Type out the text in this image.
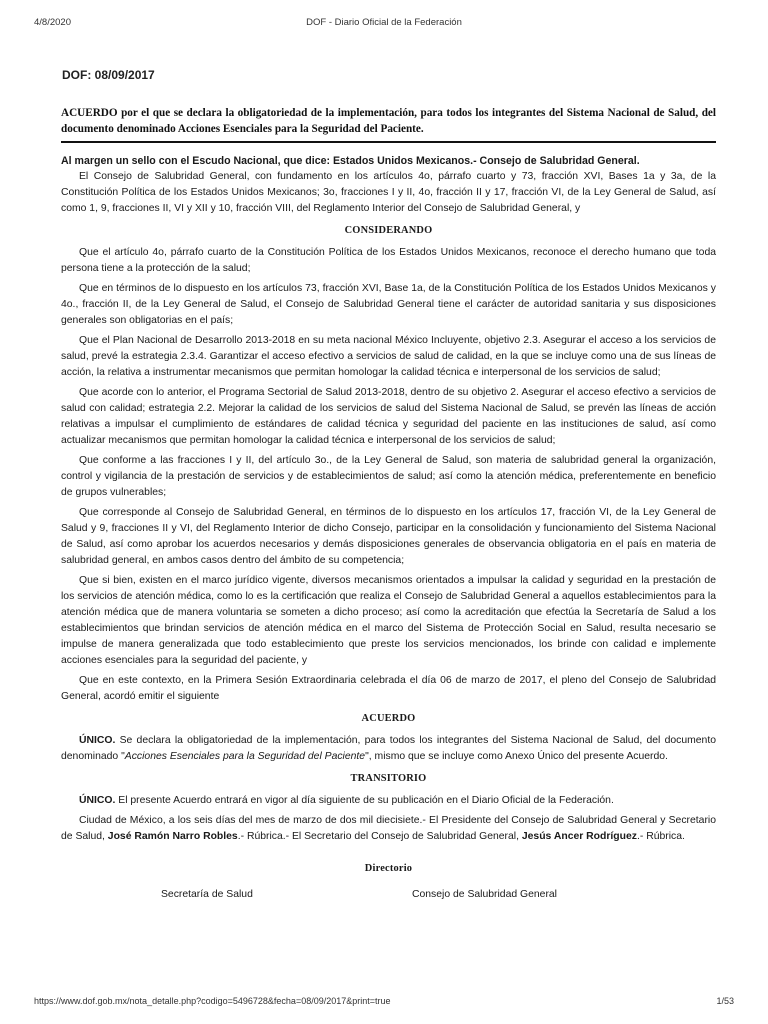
4/8/2020	DOF - Diario Oficial de la Federación
DOF: 08/09/2017
ACUERDO por el que se declara la obligatoriedad de la implementación, para todos los integrantes del Sistema Nacional de Salud, del documento denominado Acciones Esenciales para la Seguridad del Paciente.
Al margen un sello con el Escudo Nacional, que dice: Estados Unidos Mexicanos.- Consejo de Salubridad General.

El Consejo de Salubridad General, con fundamento en los artículos 4o, párrafo cuarto y 73, fracción XVI, Bases 1a y 3a, de la Constitución Política de los Estados Unidos Mexicanos; 3o, fracciones I y II, 4o, fracción II y 17, fracción VI, de la Ley General de Salud, así como 1, 9, fracciones II, VI y XII y 10, fracción VIII, del Reglamento Interior del Consejo de Salubridad General, y

CONSIDERANDO

Que el artículo 4o, párrafo cuarto de la Constitución Política de los Estados Unidos Mexicanos, reconoce el derecho humano que toda persona tiene a la protección de la salud;

Que en términos de lo dispuesto en los artículos 73, fracción XVI, Base 1a, de la Constitución Política de los Estados Unidos Mexicanos y 4o., fracción II, de la Ley General de Salud, el Consejo de Salubridad General tiene el carácter de autoridad sanitaria y sus disposiciones generales son obligatorias en el país;

Que el Plan Nacional de Desarrollo 2013-2018 en su meta nacional México Incluyente, objetivo 2.3. Asegurar el acceso a los servicios de salud, prevé la estrategia 2.3.4. Garantizar el acceso efectivo a servicios de salud de calidad, en la que se incluye como una de sus líneas de acción, la relativa a instrumentar mecanismos que permitan homologar la calidad técnica e interpersonal de los servicios de salud;

Que acorde con lo anterior, el Programa Sectorial de Salud 2013-2018, dentro de su objetivo 2. Asegurar el acceso efectivo a servicios de salud con calidad; estrategia 2.2. Mejorar la calidad de los servicios de salud del Sistema Nacional de Salud, se prevén las líneas de acción relativas a impulsar el cumplimiento de estándares de calidad técnica y seguridad del paciente en las instituciones de salud, así como actualizar mecanismos que permitan homologar la calidad técnica e interpersonal de los servicios de salud;

Que conforme a las fracciones I y II, del artículo 3o., de la Ley General de Salud, son materia de salubridad general la organización, control y vigilancia de la prestación de servicios y de establecimientos de salud; así como la atención médica, preferentemente en beneficio de grupos vulnerables;

Que corresponde al Consejo de Salubridad General, en términos de lo dispuesto en los artículos 17, fracción VI, de la Ley General de Salud y 9, fracciones II y VI, del Reglamento Interior de dicho Consejo, participar en la consolidación y funcionamiento del Sistema Nacional de Salud, así como aprobar los acuerdos necesarios y demás disposiciones generales de observancia obligatoria en el país en materia de salubridad general, en ambos casos dentro del ámbito de su competencia;

Que si bien, existen en el marco jurídico vigente, diversos mecanismos orientados a impulsar la calidad y seguridad en la prestación de los servicios de atención médica, como lo es la certificación que realiza el Consejo de Salubridad General a aquellos establecimientos para la atención médica que de manera voluntaria se someten a dicho proceso; así como la acreditación que efectúa la Secretaría de Salud a los establecimientos que brindan servicios de atención médica en el marco del Sistema de Protección Social en Salud, resulta necesario se impulse de manera generalizada que todo establecimiento que preste los servicios mencionados, los brinde con calidad e implemente acciones esenciales para la seguridad del paciente, y

Que en este contexto, en la Primera Sesión Extraordinaria celebrada el día 06 de marzo de 2017, el pleno del Consejo de Salubridad General, acordó emitir el siguiente

ACUERDO

ÚNICO. Se declara la obligatoriedad de la implementación, para todos los integrantes del Sistema Nacional de Salud, del documento denominado "Acciones Esenciales para la Seguridad del Paciente", mismo que se incluye como Anexo Único del presente Acuerdo.

TRANSITORIO

ÚNICO. El presente Acuerdo entrará en vigor al día siguiente de su publicación en el Diario Oficial de la Federación.

Ciudad de México, a los seis días del mes de marzo de dos mil diecisiete.- El Presidente del Consejo de Salubridad General y Secretario de Salud, José Ramón Narro Robles.- Rúbrica.- El Secretario del Consejo de Salubridad General, Jesús Ancer Rodríguez.- Rúbrica.

Directorio
Secretaría de Salud	Consejo de Salubridad General
https://www.dof.gob.mx/nota_detalle.php?codigo=5496728&fecha=08/09/2017&print=true	1/53
